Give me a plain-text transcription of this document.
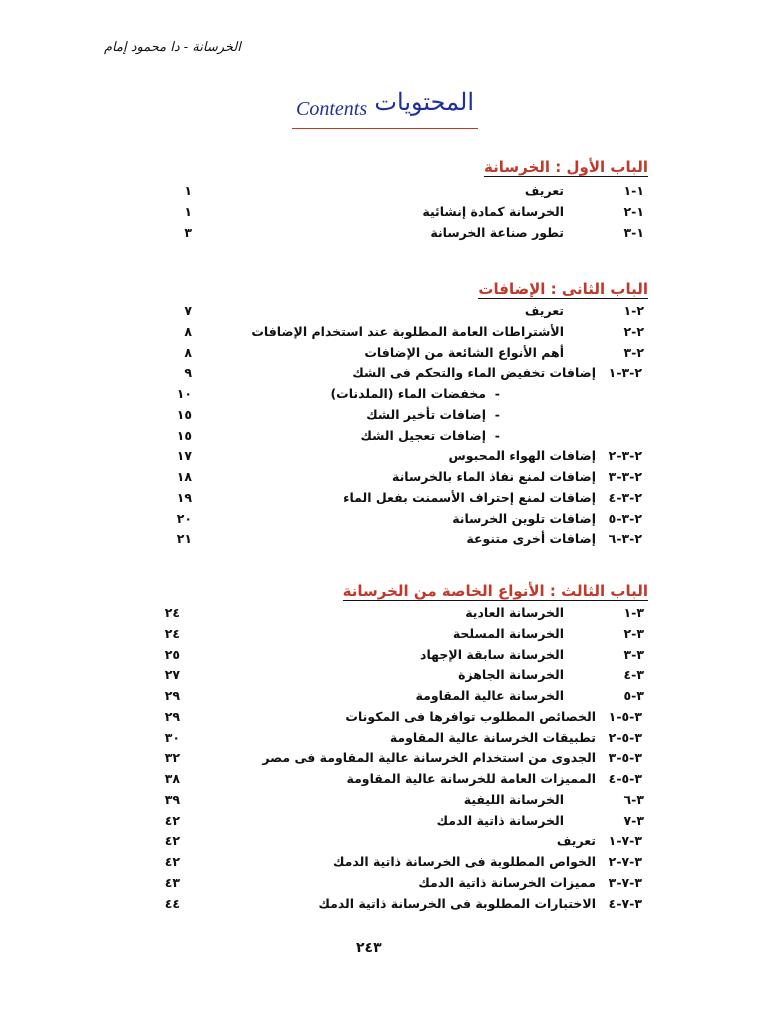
الخرسانة - دا محمود إمام
Contents المحتويات
الباب الأول : الخرسانة
١-١
تعريف
١
١-٢
الخرسانة كمادة إنشائية
١
١-٣
تطور صناعة الخرسانة
٣
الباب الثانى : الإضافات
٢-١
تعريف
٧
٢-٢
الأشتراطات العامة المطلوبة عند استخدام الإضافات
٨
٢-٣
أهم الأنواع الشائعة من الإضافات
٨
٢-٣-١
إضافات تخفيض الماء والتحكم فى الشك
٩
-
مخفضات الماء (الملدنات)
١٠
-
إضافات تأخير الشك
١٥
-
إضافات تعجيل الشك
١٥
٢-٣-٢
إضافات الهواء المحبوس
١٧
٢-٣-٣
إضافات لمنع نفاذ الماء بالخرسانة
١٨
٢-٣-٤
إضافات لمنع إحتراف الأسمنت بفعل الماء
١٩
٢-٣-٥
إضافات تلوين الخرسانة
٢٠
٢-٣-٦
إضافات أخرى متنوعة
٢١
الباب الثالث : الأنواع الخاصة من الخرسانة
٣-١
الخرسانة العادية
٢٤
٣-٢
الخرسانة المسلحة
٢٤
٣-٣
الخرسانة سابقة الإجهاد
٢٥
٣-٤
الخرسانة الجاهزة
٢٧
٣-٥
الخرسانة عالية المقاومة
٢٩
٣-٥-١
الخصائص المطلوب توافرها فى المكونات
٢٩
٣-٥-٢
تطبيقات الخرسانة عالية المقاومة
٣٠
٣-٥-٣
الجدوى من استخدام الخرسانة عالية المقاومة فى مصر
٣٢
٣-٥-٤
المميزات العامة للخرسانة عالية المقاومة
٣٨
٣-٦
الخرسانة الليفية
٣٩
٣-٧
الخرسانة ذاتية الدمك
٤٢
٣-٧-١
تعريف
٤٢
٣-٧-٢
الخواص المطلوبة فى الخرسانة ذاتية الدمك
٤٢
٣-٧-٣
مميزات الخرسانة ذاتية الدمك
٤٣
٣-٧-٤
الاختبارات المطلوبة فى الخرسانة ذاتية الدمك
٤٤
٢٤٣
